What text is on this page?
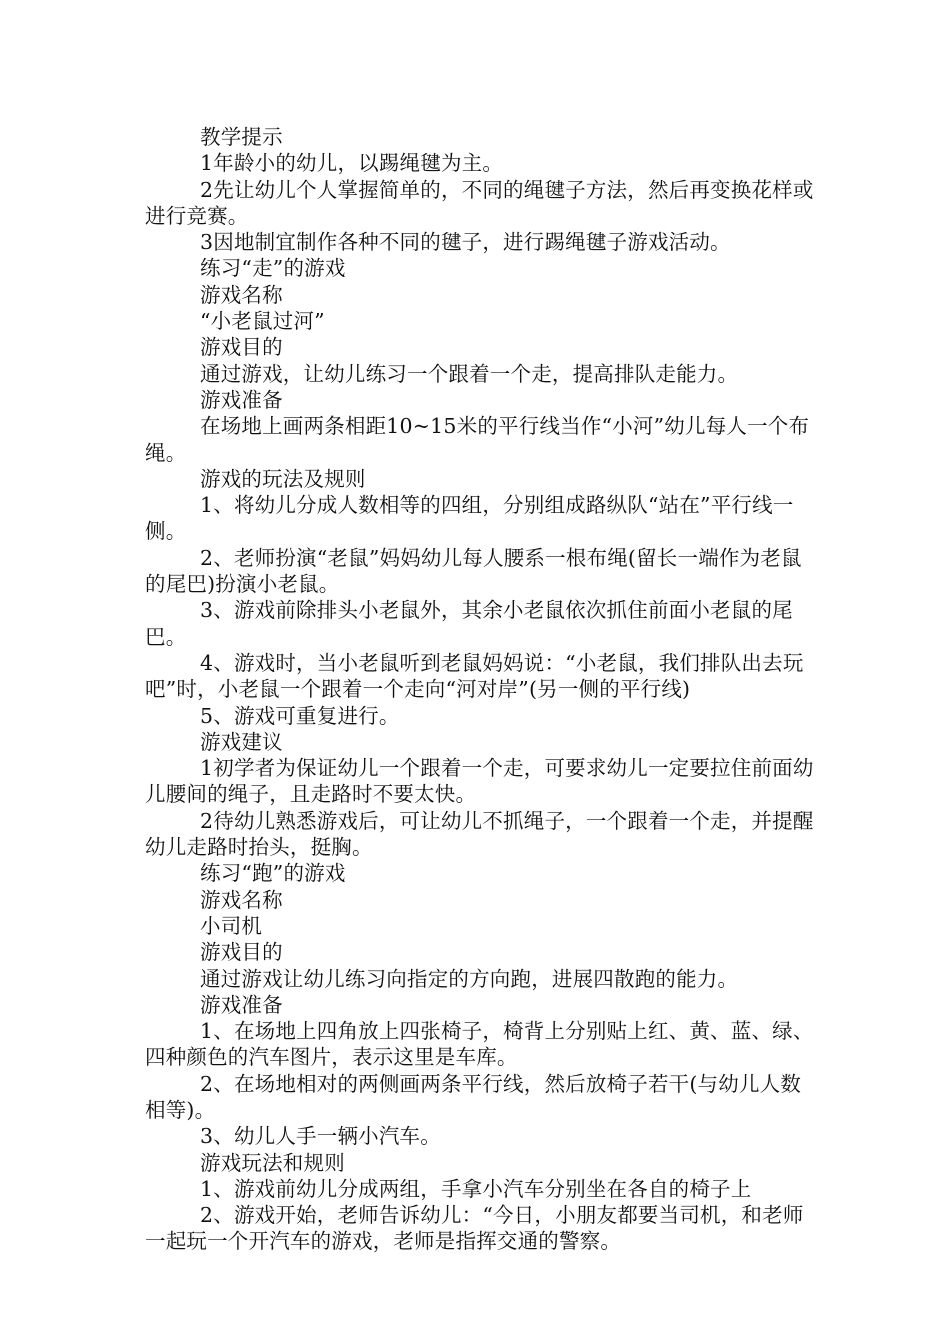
教学提示

1年龄小的幼儿，以踢绳毽为主。

2先让幼儿个人掌握简单的，不同的绳毽子方法，然后再变换花样或进行竞赛。

3因地制宜制作各种不同的毽子，进行踢绳毽子游戏活动。

练习“走”的游戏

游戏名称

“小老鼠过河”

游戏目的

通过游戏，让幼儿练习一个跟着一个走，提高排队走能力。

游戏准备

在场地上画两条相距10~15米的平行线当作“小河”幼儿每人一个布绳。

游戏的玩法及规则

1、将幼儿分成人数相等的四组，分别组成路纵队“站在”平行线一侧。

2、老师扮演“老鼠”妈妈幼儿每人腰系一根布绳(留长一端作为老鼠的尾巴)扮演小老鼠。

3、游戏前除排头小老鼠外，其余小老鼠依次抓住前面小老鼠的尾巴。

4、游戏时，当小老鼠听到老鼠妈妈说：“小老鼠，我们排队出去玩吧”时，小老鼠一个跟着一个走向“河对岸”(另一侧的平行线)

5、游戏可重复进行。

游戏建议

1初学者为保证幼儿一个跟着一个走，可要求幼儿一定要拉住前面幼儿腰间的绳子，且走路时不要太快。

2待幼儿熟悉游戏后，可让幼儿不抓绳子，一个跟着一个走，并提醒幼儿走路时抬头，挺胸。

练习“跑”的游戏

游戏名称

小司机

游戏目的

通过游戏让幼儿练习向指定的方向跑，进展四散跑的能力。

游戏准备

1、在场地上四角放上四张椅子，椅背上分别贴上红、黄、蓝、绿、四种颜色的汽车图片，表示这里是车库。

2、在场地相对的两侧画两条平行线，然后放椅子若干(与幼儿人数相等)。

3、幼儿人手一辆小汽车。

游戏玩法和规则

1、游戏前幼儿分成两组，手拿小汽车分别坐在各自的椅子上

2、游戏开始，老师告诉幼儿：“今日，小朋友都要当司机，和老师一起玩一个开汽车的游戏，老师是指挥交通的警察。
